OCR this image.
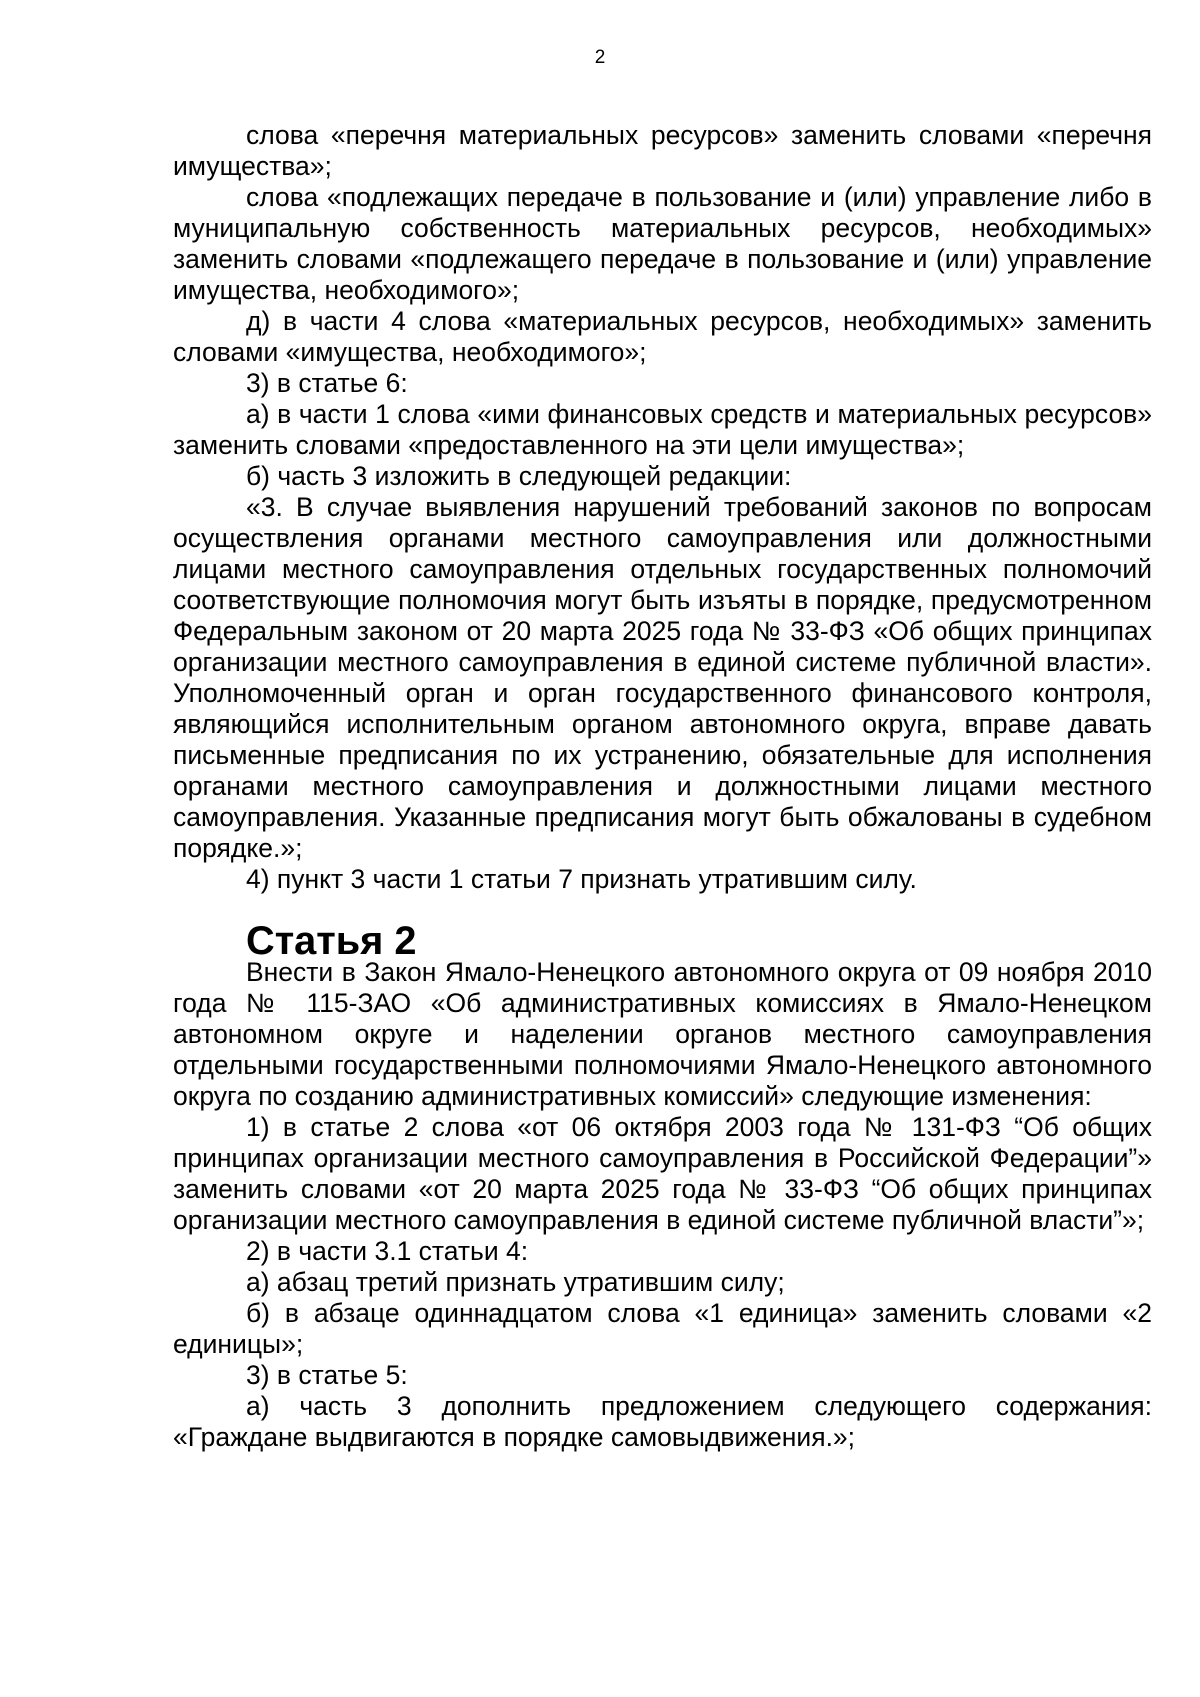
2

слова «перечня материальных ресурсов» заменить словами «перечня имущества»;

слова «подлежащих передаче в пользование и (или) управление либо в муниципальную собственность материальных ресурсов, необходимых» заменить словами «подлежащего передаче в пользование и (или) управление имущества, необходимого»;

д) в части 4 слова «материальных ресурсов, необходимых» заменить словами «имущества, необходимого»;

3) в статье 6:

а) в части 1 слова «ими финансовых средств и материальных ресурсов» заменить словами «предоставленного на эти цели имущества»;

б) часть 3 изложить в следующей редакции:

«3. В случае выявления нарушений требований законов по вопросам осуществления органами местного самоуправления или должностными лицами местного самоуправления отдельных государственных полномочий соответствующие полномочия могут быть изъяты в порядке, предусмотренном Федеральным законом от 20 марта 2025 года № 33-ФЗ «Об общих принципах организации местного самоуправления в единой системе публичной власти». Уполномоченный орган и орган государственного финансового контроля, являющийся исполнительным органом автономного округа, вправе давать письменные предписания по их устранению, обязательные для исполнения органами местного самоуправления и должностными лицами местного самоуправления. Указанные предписания могут быть обжалованы в судебном порядке.»;

4) пункт 3 части 1 статьи 7 признать утратившим силу.

Статья 2

Внести в Закон Ямало-Ненецкого автономного округа от 09 ноября 2010 года № 115-ЗАО «Об административных комиссиях в Ямало-Ненецком автономном округе и наделении органов местного самоуправления отдельными государственными полномочиями Ямало-Ненецкого автономного округа по созданию административных комиссий» следующие изменения:

1) в статье 2 слова «от 06 октября 2003 года № 131-ФЗ “Об общих принципах организации местного самоуправления в Российской Федерации”» заменить словами «от 20 марта 2025 года № 33-ФЗ “Об общих принципах организации местного самоуправления в единой системе публичной власти”»;

2) в части 3.1 статьи 4:

а) абзац третий признать утратившим силу;

б) в абзаце одиннадцатом слова «1 единица» заменить словами «2 единицы»;

3) в статье 5:

а) часть 3 дополнить предложением следующего содержания: «Граждане выдвигаются в порядке самовыдвижения.»;
